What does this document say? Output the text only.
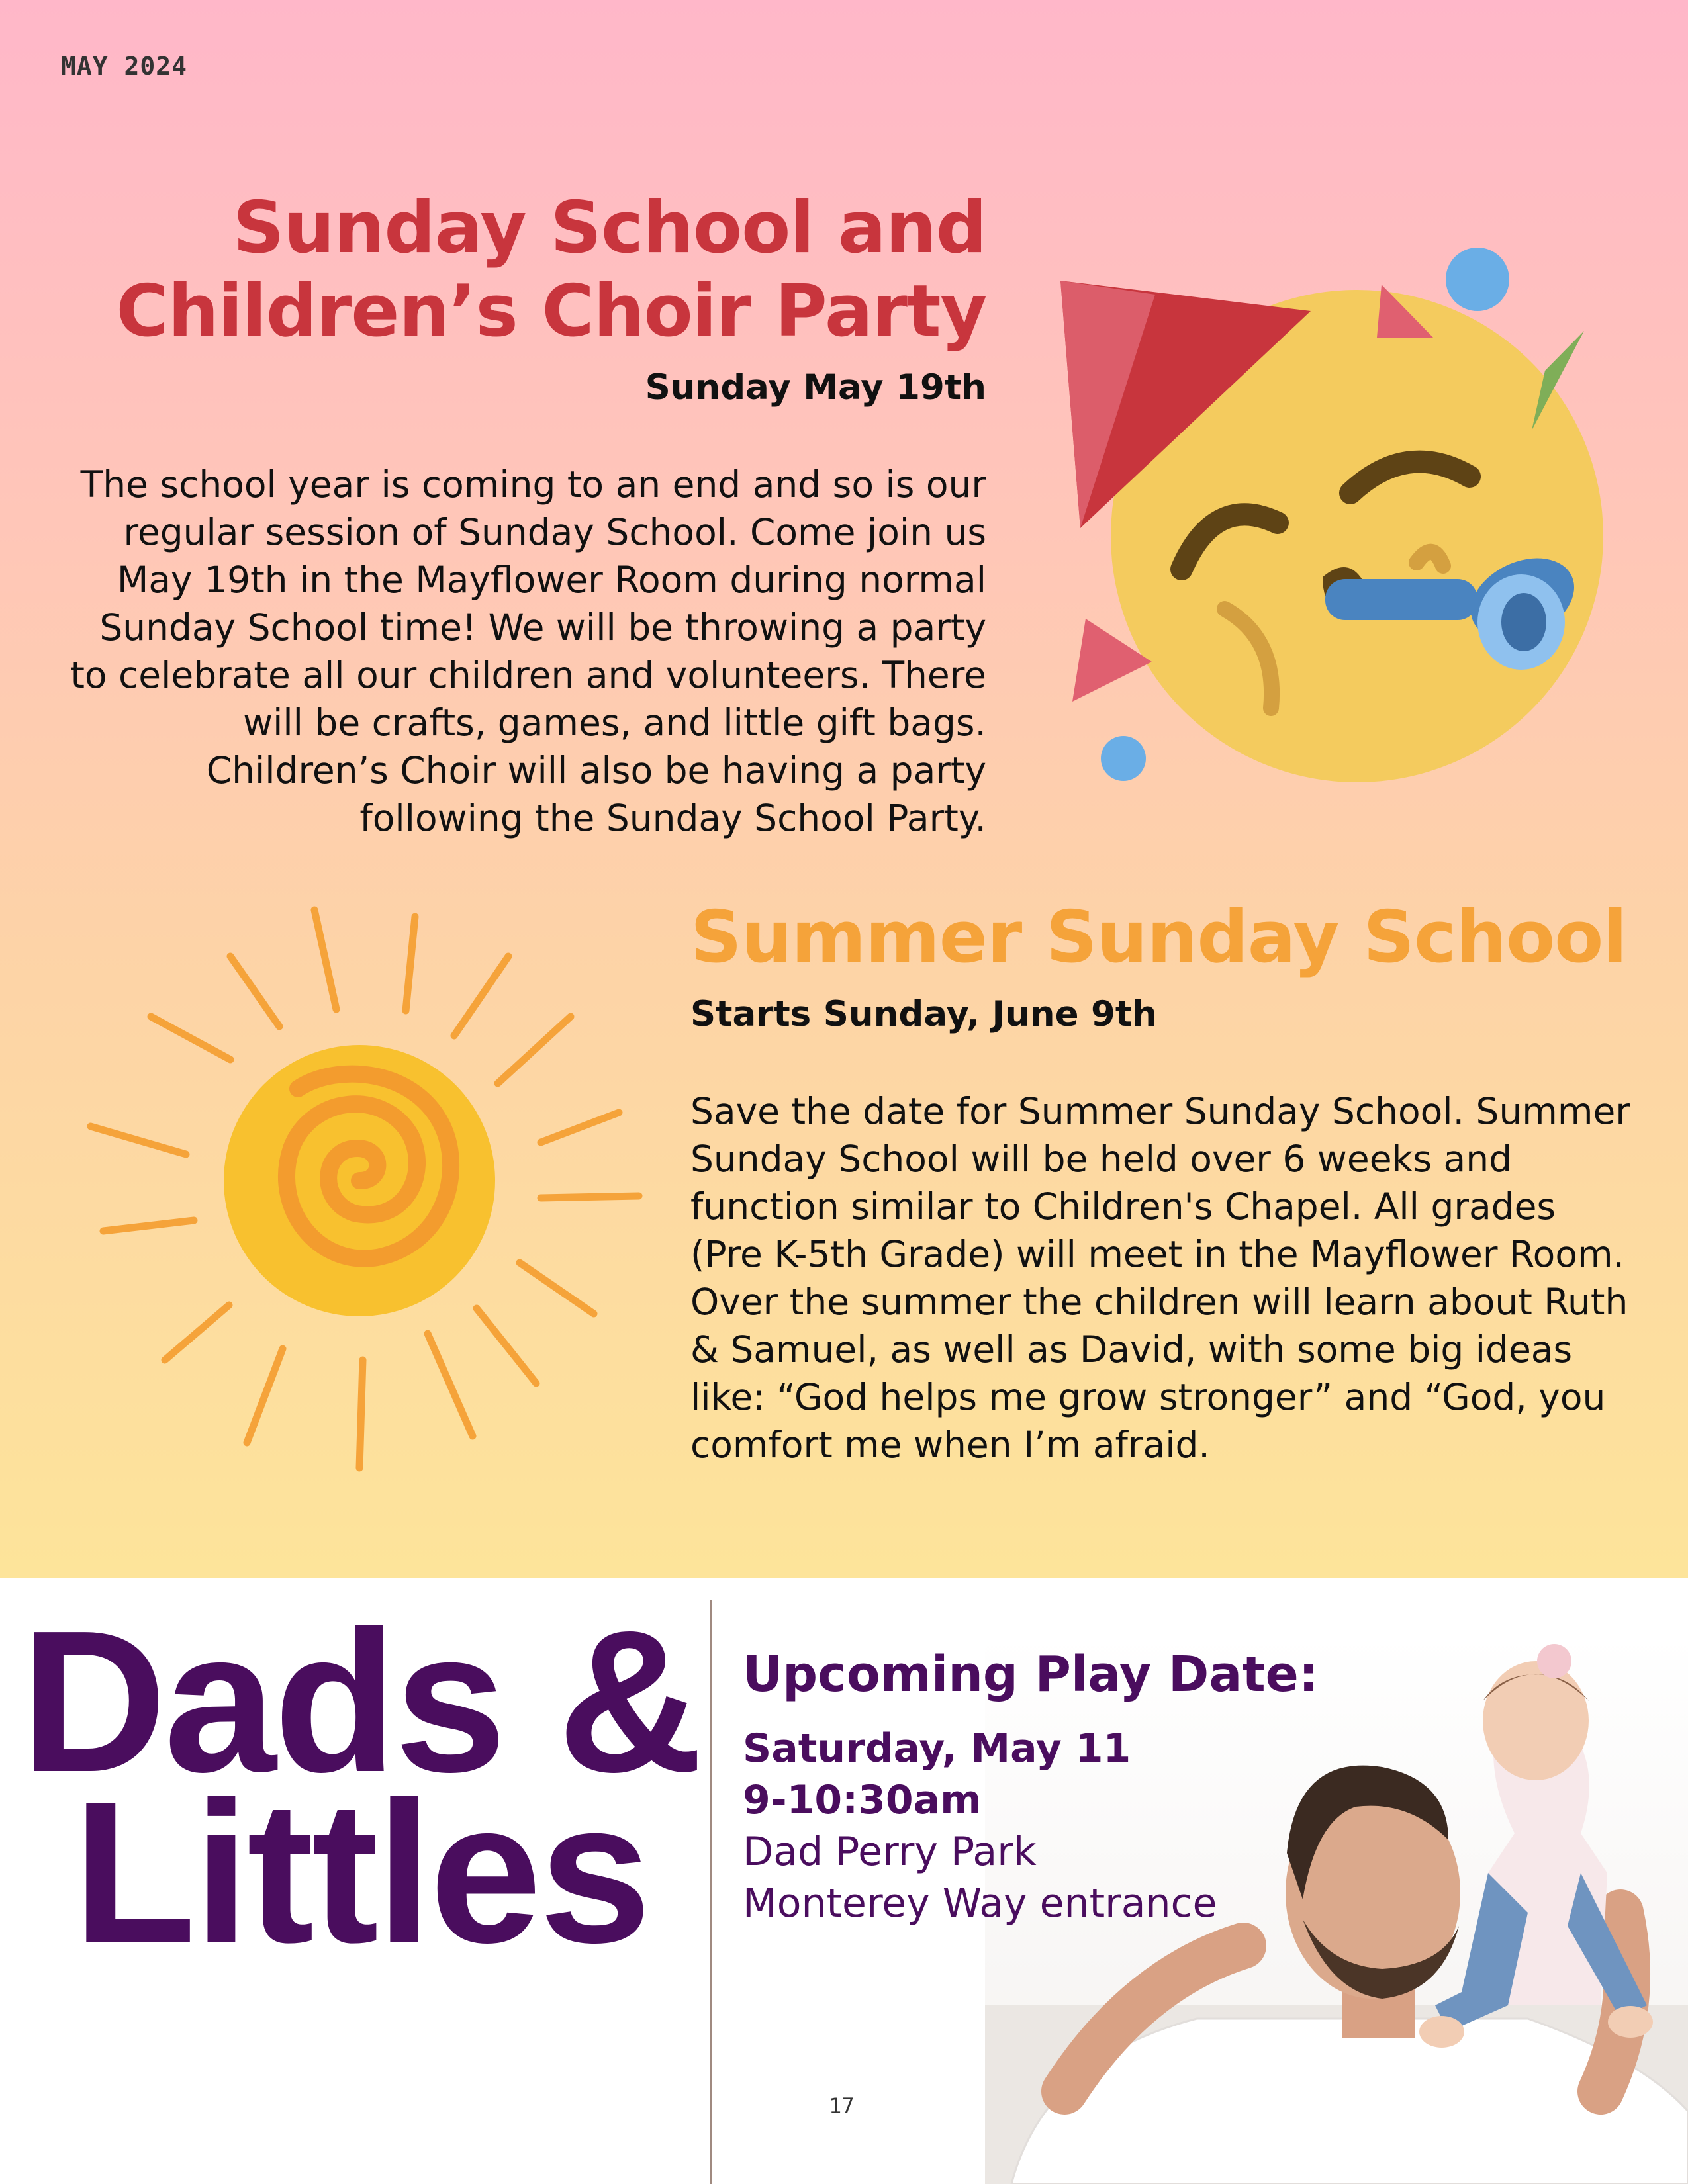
MAY 2024
Sunday School and
Children’s Choir Party
Sunday May 19th
The school year is coming to an end and so is our regular session of Sunday School. Come join us May 19th in the Mayflower Room during normal Sunday School time! We will be throwing a party to celebrate all our children and volunteers. There will be crafts, games, and little gift bags. Children’s Choir will also be having a party following the Sunday School Party.
Summer Sunday School
Starts Sunday, June 9th
Save the date for Summer Sunday School. Summer Sunday School will be held over 6 weeks and function similar to Children's Chapel. All grades (Pre K-5th Grade) will meet in the Mayflower Room. Over the summer the children will learn about Ruth & Samuel, as well as David, with some big ideas like: “God helps me grow stronger” and “God, you comfort me when I’m afraid.
Dads &
Littles
Upcoming Play Date:
Saturday, May 11
9-10:30am
Dad Perry Park
Monterey Way entrance
17
